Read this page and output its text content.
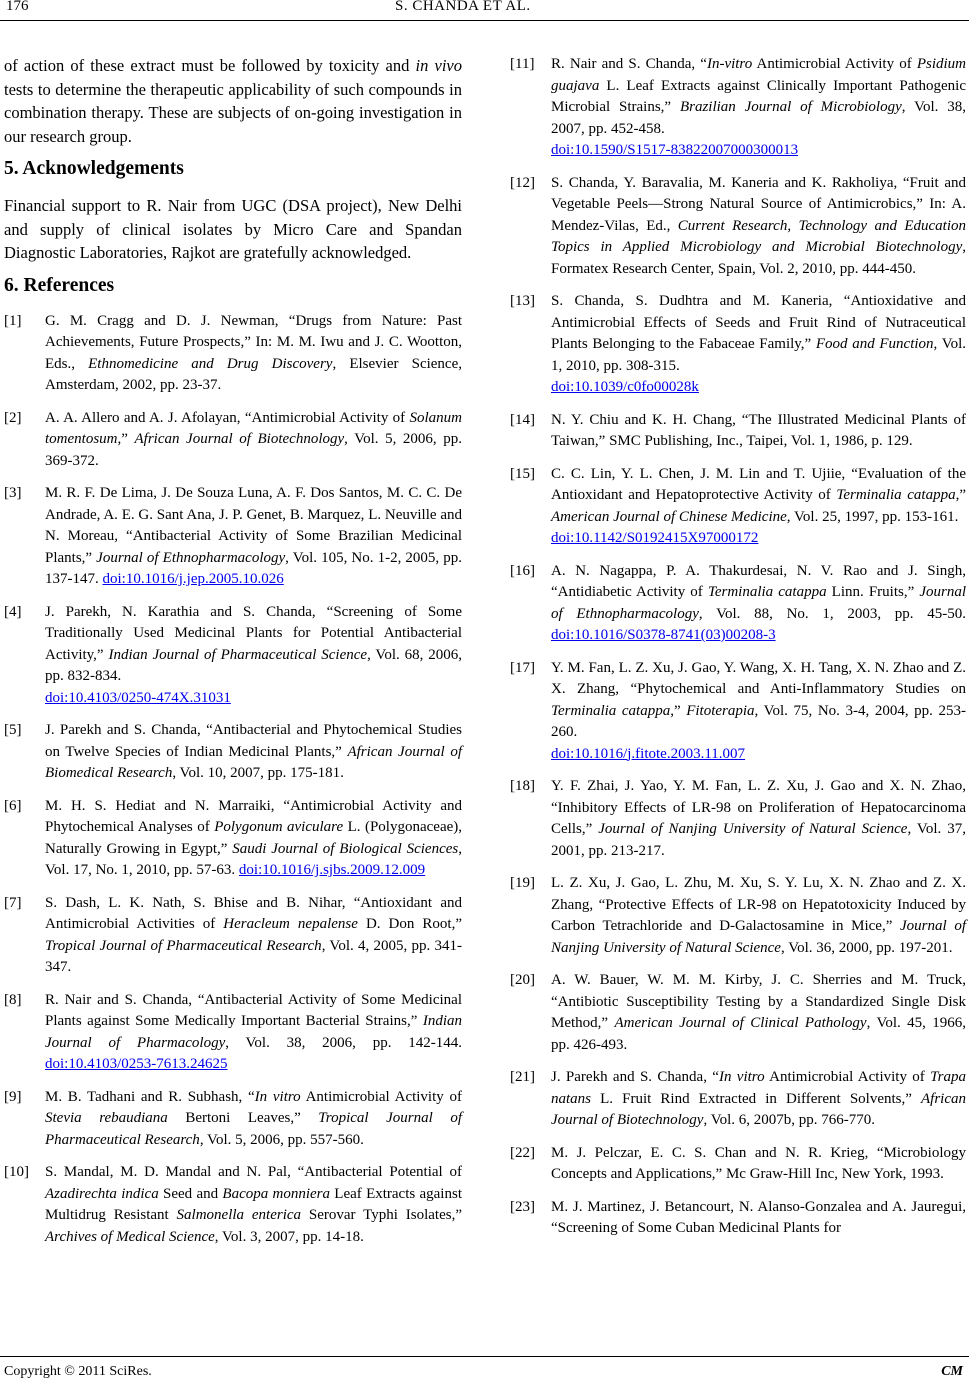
176	S. CHANDA ET AL.

of action of these extract must be followed by toxicity and in vivo tests to determine the therapeutic applicability of such compounds in combination therapy. These are subjects of on-going investigation in our research group.

5. Acknowledgements

Financial support to R. Nair from UGC (DSA project), New Delhi and supply of clinical isolates by Micro Care and Spandan Diagnostic Laboratories, Rajkot are gratefully acknowledged.

6. References
[1] G. M. Cragg and D. J. Newman, “Drugs from Nature: Past Achievements, Future Prospects,” In: M. M. Iwu and J. C. Wootton, Eds., Ethnomedicine and Drug Discovery, Elsevier Science, Amsterdam, 2002, pp. 23-37.
[2] A. A. Allero and A. J. Afolayan, “Antimicrobial Activity of Solanum tomentosum,” African Journal of Biotechnology, Vol. 5, 2006, pp. 369-372.
[3] M. R. F. De Lima, J. De Souza Luna, A. F. Dos Santos, M. C. C. De Andrade, A. E. G. Sant Ana, J. P. Genet, B. Marquez, L. Neuville and N. Moreau, “Antibacterial Activity of Some Brazilian Medicinal Plants,” Journal of Ethnopharmacology, Vol. 105, No. 1-2, 2005, pp. 137-147. doi:10.1016/j.jep.2005.10.026
[4] J. Parekh, N. Karathia and S. Chanda, “Screening of Some Traditionally Used Medicinal Plants for Potential Antibacterial Activity,” Indian Journal of Pharmaceutical Science, Vol. 68, 2006, pp. 832-834.
doi:10.4103/0250-474X.31031
[5] J. Parekh and S. Chanda, “Antibacterial and Phytochemical Studies on Twelve Species of Indian Medicinal Plants,” African Journal of Biomedical Research, Vol. 10, 2007, pp. 175-181.
[6] M. H. S. Hediat and N. Marraiki, “Antimicrobial Activity and Phytochemical Analyses of Polygonum aviculare L. (Polygonaceae), Naturally Growing in Egypt,” Saudi Journal of Biological Sciences, Vol. 17, No. 1, 2010, pp. 57-63. doi:10.1016/j.sjbs.2009.12.009
[7] S. Dash, L. K. Nath, S. Bhise and B. Nihar, “Antioxidant and Antimicrobial Activities of Heracleum nepalense D. Don Root,” Tropical Journal of Pharmaceutical Research, Vol. 4, 2005, pp. 341-347.
[8] R. Nair and S. Chanda, “Antibacterial Activity of Some Medicinal Plants against Some Medically Important Bacterial Strains,” Indian Journal of Pharmacology, Vol. 38, 2006, pp. 142-144. doi:10.4103/0253-7613.24625
[9] M. B. Tadhani and R. Subhash, “In vitro Antimicrobial Activity of Stevia rebaudiana Bertoni Leaves,” Tropical Journal of Pharmaceutical Research, Vol. 5, 2006, pp. 557-560.
[10] S. Mandal, M. D. Mandal and N. Pal, “Antibacterial Potential of Azadirechta indica Seed and Bacopa monniera Leaf Extracts against Multidrug Resistant Salmonella enterica Serovar Typhi Isolates,” Archives of Medical Science, Vol. 3, 2007, pp. 14-18.
[11] R. Nair and S. Chanda, “In-vitro Antimicrobial Activity of Psidium guajava L. Leaf Extracts against Clinically Important Pathogenic Microbial Strains,” Brazilian Journal of Microbiology, Vol. 38, 2007, pp. 452-458.
doi:10.1590/S1517-83822007000300013
[12] S. Chanda, Y. Baravalia, M. Kaneria and K. Rakholiya, “Fruit and Vegetable Peels―Strong Natural Source of Antimicrobics,” In: A. Mendez-Vilas, Ed., Current Research, Technology and Education Topics in Applied Microbiology and Microbial Biotechnology, Formatex Research Center, Spain, Vol. 2, 2010, pp. 444-450.
[13] S. Chanda, S. Dudhtra and M. Kaneria, “Antioxidative and Antimicrobial Effects of Seeds and Fruit Rind of Nutraceutical Plants Belonging to the Fabaceae Family,” Food and Function, Vol. 1, 2010, pp. 308-315.
doi:10.1039/c0fo00028k
[14] N. Y. Chiu and K. H. Chang, “The Illustrated Medicinal Plants of Taiwan,” SMC Publishing, Inc., Taipei, Vol. 1, 1986, p. 129.
[15] C. C. Lin, Y. L. Chen, J. M. Lin and T. Ujiie, “Evaluation of the Antioxidant and Hepatoprotective Activity of Terminalia catappa,” American Journal of Chinese Medicine, Vol. 25, 1997, pp. 153-161.
doi:10.1142/S0192415X97000172
[16] A. N. Nagappa, P. A. Thakurdesai, N. V. Rao and J. Singh, “Antidiabetic Activity of Terminalia catappa Linn. Fruits,” Journal of Ethnopharmacology, Vol. 88, No. 1, 2003, pp. 45-50. doi:10.1016/S0378-8741(03)00208-3
[17] Y. M. Fan, L. Z. Xu, J. Gao, Y. Wang, X. H. Tang, X. N. Zhao and Z. X. Zhang, “Phytochemical and Anti-Inflammatory Studies on Terminalia catappa,” Fitoterapia, Vol. 75, No. 3-4, 2004, pp. 253-260.
doi:10.1016/j.fitote.2003.11.007
[18] Y. F. Zhai, J. Yao, Y. M. Fan, L. Z. Xu, J. Gao and X. N. Zhao, “Inhibitory Effects of LR-98 on Proliferation of Hepatocarcinoma Cells,” Journal of Nanjing University of Natural Science, Vol. 37, 2001, pp. 213-217.
[19] L. Z. Xu, J. Gao, L. Zhu, M. Xu, S. Y. Lu, X. N. Zhao and Z. X. Zhang, “Protective Effects of LR-98 on Hepatotoxicity Induced by Carbon Tetrachloride and D-Galactosamine in Mice,” Journal of Nanjing University of Natural Science, Vol. 36, 2000, pp. 197-201.
[20] A. W. Bauer, W. M. M. Kirby, J. C. Sherries and M. Truck, “Antibiotic Susceptibility Testing by a Standardized Single Disk Method,” American Journal of Clinical Pathology, Vol. 45, 1966, pp. 426-493.
[21] J. Parekh and S. Chanda, “In vitro Antimicrobial Activity of Trapa natans L. Fruit Rind Extracted in Different Solvents,” African Journal of Biotechnology, Vol. 6, 2007b, pp. 766-770.
[22] M. J. Pelczar, E. C. S. Chan and N. R. Krieg, “Microbiology Concepts and Applications,” Mc Graw-Hill Inc, New York, 1993.
[23] M. J. Martinez, J. Betancourt, N. Alanso-Gonzalea and A. Jauregui, “Screening of Some Cuban Medicinal Plants for
Copyright © 2011 SciRes.	CM
